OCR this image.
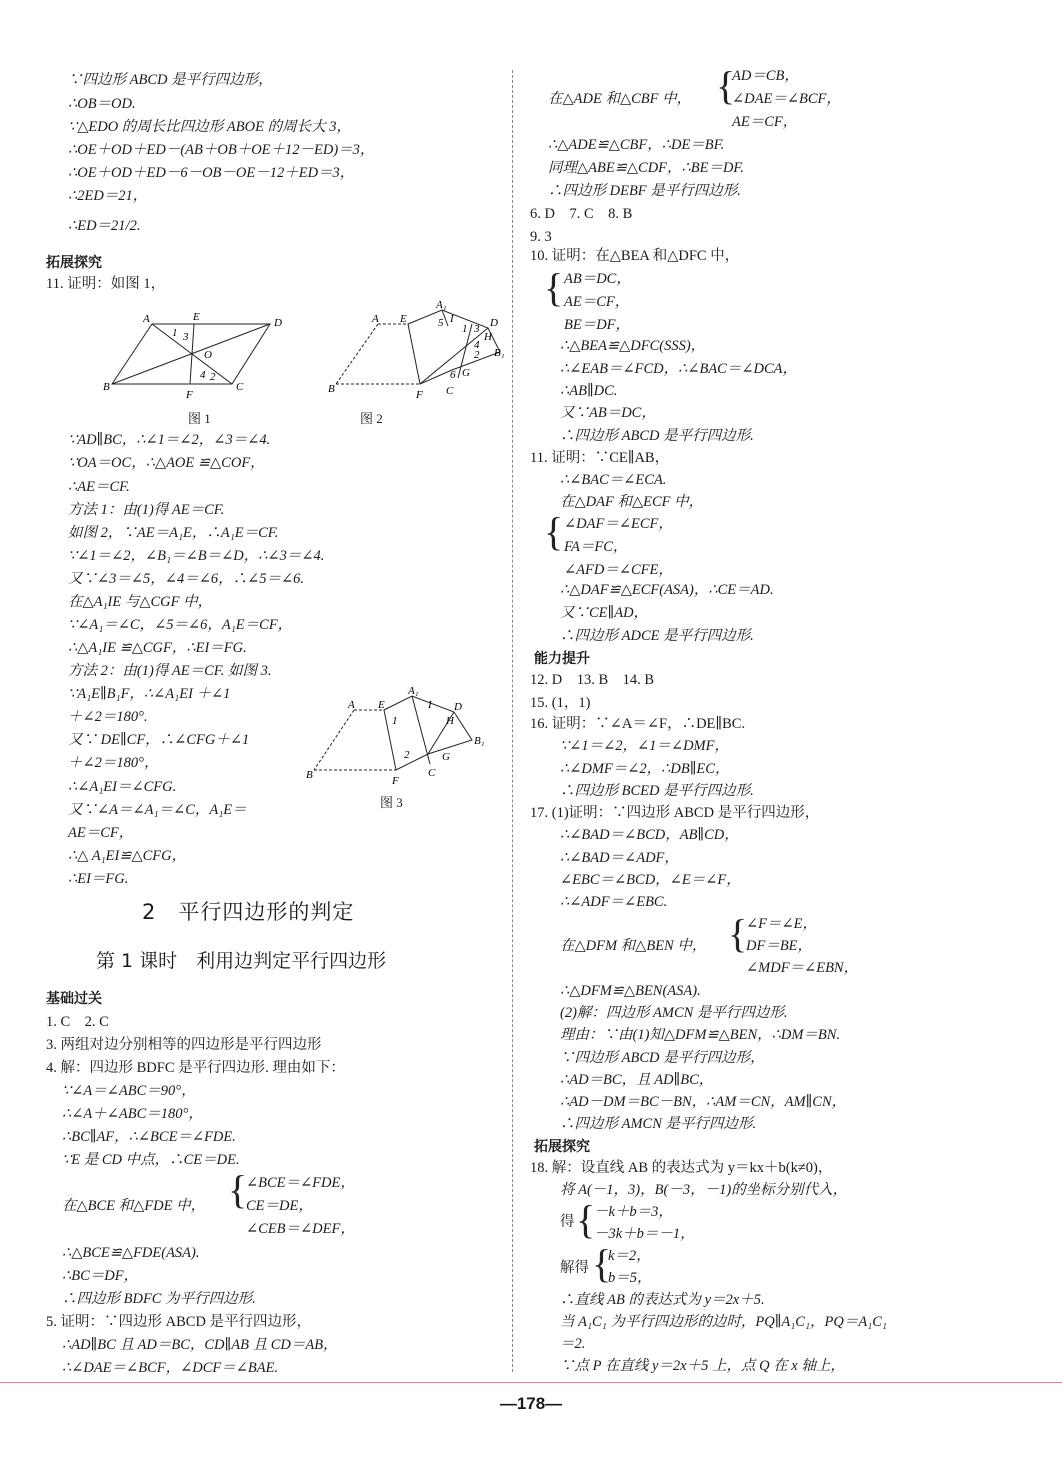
∵四边形 ABCD 是平行四边形，
∴OB＝OD.
∵△EDO 的周长比四边形 ABOE 的周长大 3，
∴OE＋OD＋ED－(AB＋OB＋OE＋12－ED)＝3，
∴OE＋OD＋ED－6－OB－OE－12＋ED＝3，
∴2ED＝21，
∴ED＝21/2.
拓展探究
11. 证明：如图 1，
A	E	D
1 3
O
B
F
C
4 2
A E
A₁
5 I
1 3 D
H
4
2 B₁
B	F
6 G
C
图 1	图 2
∵AD∥BC，∴∠1＝∠2，∠3＝∠4.
∵OA＝OC，∴△AOE ≌△COF，
∴AE＝CF.
方法 1：由(1)得 AE＝CF.
如图 2，∵AE＝A₁E，∴A₁E＝CF.
∵∠1＝∠2，∠B₁＝∠B＝∠D，∴∠3＝∠4.
又∵∠3＝∠5，∠4＝∠6，∴∠5＝∠6.
在△A₁IE 与△CGF 中，
∵∠A₁＝∠C，∠5＝∠6，A₁E＝CF，
∴△A₁IE ≌△CGF，∴EI＝FG.
方法 2：由(1)得 AE＝CF. 如图 3.
∵A₁E∥B₁F，∴∠A₁EI ＋∠1
＋∠2＝180°.
又∵ DE∥CF，∴∠CFG＋∠1
＋∠2＝180°，
∴∠A₁EI＝∠CFG.
又∵∠A＝∠A₁＝∠C，A₁E＝
AE＝CF，
∴△ A₁EI≌△CFG，
∴EI＝FG.
A E
A₁
1
I D
H
B₁
B
2
F
G
C
图 3
2　平行四边形的判定
第 1 课时　利用边判定平行四边形
基础过关
1. C　2. C
3. 两组对边分别相等的四边形是平行四边形
4. 解：四边形 BDFC 是平行四边形. 理由如下：
∵∠A＝∠ABC＝90°，
∴∠A＋∠ABC＝180°，
∴BC∥AF，∴∠BCE＝∠FDE.
∵E 是 CD 中点，∴CE＝DE.
在△BCE 和△FDE 中， {
∠BCE＝∠FDE，
CE＝DE，
∠CEB＝∠DEF，
∴△BCE≌△FDE(ASA).
∴BC＝DF，
∴四边形 BDFC 为平行四边形.
5. 证明：∵四边形 ABCD 是平行四边形，
∴AD∥BC 且 AD＝BC，CD∥AB 且 CD＝AB，
∴∠DAE＝∠BCF，∠DCF＝∠BAE.
{
AD＝CB，
在△ADE 和△CBF 中，	∠DAE＝∠BCF，
AE＝CF，
∴△ADE≌△CBF，∴DE＝BF.
同理△ABE≌△CDF，∴BE＝DF.
∴四边形 DEBF 是平行四边形.
6. D　7. C　8. B
9. 3
10. 证明：在△BEA 和△DFC 中，
{ AB＝DC，
AE＝CF，
BE＝DF，
∴△BEA≌△DFC(SSS)，
∴∠EAB＝∠FCD，∴∠BAC＝∠DCA，
∴AB∥DC.
又∵AB＝DC，
∴四边形 ABCD 是平行四边形.
11. 证明：∵CE∥AB，
∴∠BAC＝∠ECA.
在△DAF 和△ECF 中，
{ ∠DAF＝∠ECF，
FA＝FC，
∠AFD＝∠CFE，
∴△DAF≌△ECF(ASA)，∴CE＝AD.
又∵CE∥AD，
∴四边形 ADCE 是平行四边形.
能力提升
12. D　13. B　14. B
15. (1，1)
16. 证明：∵∠A＝∠F，∴DE∥BC.
∵∠1＝∠2，∠1＝∠DMF，
∴∠DMF＝∠2，∴DB∥EC，
∴四边形 BCED 是平行四边形.
17. (1)证明：∵四边形 ABCD 是平行四边形，
∴∠BAD＝∠BCD，AB∥CD，
∴∠BAD＝∠ADF，
∠EBC＝∠BCD，∠E＝∠F，
∴∠ADF＝∠EBC.
{
∠F＝∠E，
在△DFM 和△BEN 中，	DF＝BE，
∠MDF＝∠EBN，
∴△DFM≌△BEN(ASA).
(2)解：四边形 AMCN 是平行四边形.
理由：∵由(1)知△DFM≌△BEN，∴DM＝BN.
∵四边形 ABCD 是平行四边形，
∴AD＝BC，且 AD∥BC，
∴AD－DM＝BC－BN，∴AM＝CN，AM∥CN，
∴四边形 AMCN 是平行四边形.
拓展探究
18. 解：设直线 AB 的表达式为 y＝kx＋b(k≠0)，
将 A(－1，3)，B(－3，－1)的坐标分别代入，
得 {
－k＋b＝3，
－3k＋b＝－1，
解得 {
k＝2，
b＝5，
∴直线 AB 的表达式为 y＝2x＋5.
当 A₁C₁ 为平行四边形的边时，PQ∥A₁C₁，PQ＝A₁C₁
＝2.
∵点 P 在直线 y＝2x＋5 上，点 Q 在 x 轴上，
—178—
